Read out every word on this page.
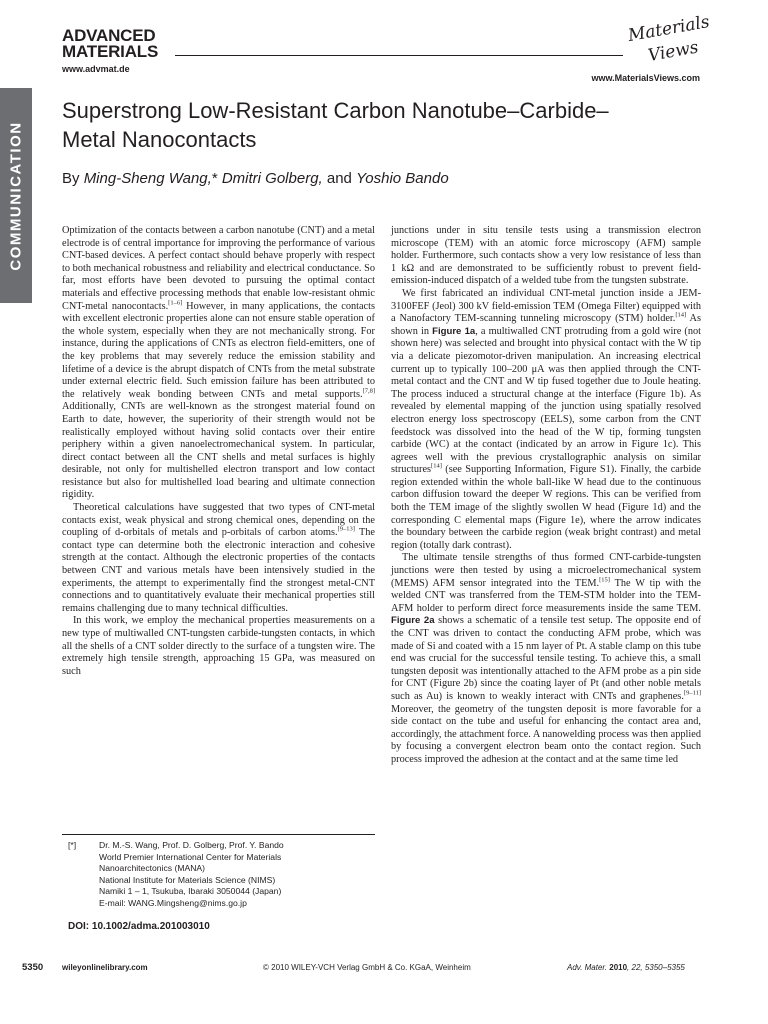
ADVANCED
MATERIALS
www.advmat.de
Materials
Views
www.MaterialsViews.com
COMMUNICATION
Superstrong Low-Resistant Carbon Nanotube–Carbide–
Metal Nanocontacts
By Ming-Sheng Wang,* Dmitri Golberg, and Yoshio Bando

Optimization of the contacts between a carbon nanotube (CNT) and a metal electrode is of central importance for improving the performance of various CNT-based devices. A perfect contact should behave properly with respect to both mechanical robustness and reliability and electrical conductance. So far, most efforts have been devoted to pursuing the optimal contact materials and effective processing methods that enable low-resistant ohmic CNT-metal nanocontacts.[1–6] However, in many applications, the contacts with excellent electronic properties alone can not ensure stable operation of the whole system, especially when they are not mechanically strong. For instance, during the applications of CNTs as electron field-emitters, one of the key problems that may severely reduce the emission stability and lifetime of a device is the abrupt dispatch of CNTs from the metal substrate under external electric field. Such emission failure has been attributed to the relatively weak bonding between CNTs and metal supports.[7,8] Additionally, CNTs are well-known as the strongest material found on Earth to date, however, the superiority of their strength would not be realistically employed without having solid contacts over their entire periphery within a given nanoelectromechanical system. In particular, direct contact between all the CNT shells and metal surfaces is highly desirable, not only for multishelled electron transport and low contact resistance but also for multishelled load bearing and ultimate connection rigidity.

Theoretical calculations have suggested that two types of CNT-metal contacts exist, weak physical and strong chemical ones, depending on the coupling of d-orbitals of metals and p-orbitals of carbon atoms.[9–13] The contact type can determine both the electronic interaction and cohesive strength at the contact. Although the electronic properties of the contacts between CNT and various metals have been intensively studied in the experiments, the attempt to experimentally find the strongest metal-CNT connections and to quantitatively evaluate their mechanical properties still remains challenging due to many technical difficulties.

In this work, we employ the mechanical properties measurements on a new type of multiwalled CNT-tungsten carbide-tungsten contacts, in which all the shells of a CNT solder directly to the surface of a tungsten wire. The extremely high tensile strength, approaching 15 GPa, was measured on such

junctions under in situ tensile tests using a transmission electron microscope (TEM) with an atomic force microscopy (AFM) sample holder. Furthermore, such contacts show a very low resistance of less than 1 kΩ and are demonstrated to be sufficiently robust to prevent field-emission-induced dispatch of a welded tube from the tungsten substrate.

We first fabricated an individual CNT-metal junction inside a JEM-3100FEF (Jeol) 300 kV field-emission TEM (Omega Filter) equipped with a Nanofactory TEM-scanning tunneling microscopy (STM) holder.[14] As shown in Figure 1a, a multiwalled CNT protruding from a gold wire (not shown here) was selected and brought into physical contact with the W tip via a delicate piezomotor-driven manipulation. An increasing electrical current up to typically 100–200 μA was then applied through the CNT-metal contact and the CNT and W tip fused together due to Joule heating. The process induced a structural change at the interface (Figure 1b). As revealed by elemental mapping of the junction using spatially resolved electron energy loss spectroscopy (EELS), some carbon from the CNT feedstock was dissolved into the head of the W tip, forming tungsten carbide (WC) at the contact (indicated by an arrow in Figure 1c). This agrees well with the previous crystallographic analysis on similar structures[14] (see Supporting Information, Figure S1). Finally, the carbide region extended within the whole ball-like W head due to the continuous carbon diffusion toward the deeper W regions. This can be verified from both the TEM image of the slightly swollen W head (Figure 1d) and the corresponding C elemental maps (Figure 1e), where the arrow indicates the boundary between the carbide region (weak bright contrast) and metal region (totally dark contrast).

The ultimate tensile strengths of thus formed CNT-carbide-tungsten junctions were then tested by using a microelectromechanical system (MEMS) AFM sensor integrated into the TEM.[15] The W tip with the welded CNT was transferred from the TEM-STM holder into the TEM-AFM holder to perform direct force measurements inside the same TEM. Figure 2a shows a schematic of a tensile test setup. The opposite end of the CNT was driven to contact the conducting AFM probe, which was made of Si and coated with a 15 nm layer of Pt. A stable clamp on this tube end was crucial for the successful tensile testing. To achieve this, a small tungsten deposit was intentionally attached to the AFM probe as a pin side for CNT (Figure 2b) since the coating layer of Pt (and other noble metals such as Au) is known to weakly interact with CNTs and graphenes.[9–11] Moreover, the geometry of the tungsten deposit is more favorable for a side contact on the tube and useful for enhancing the contact area and, accordingly, the attachment force. A nanowelding process was then applied by focusing a convergent electron beam onto the contact region. Such process improved the adhesion at the contact and at the same time led

[*]	Dr. M.-S. Wang, Prof. D. Golberg, Prof. Y. Bando
World Premier International Center for Materials
Nanoarchitectonics (MANA)
National Institute for Materials Science (NIMS)
Namiki 1 – 1, Tsukuba, Ibaraki 3050044 (Japan)
E-mail: WANG.Mingsheng@nims.go.jp
DOI: 10.1002/adma.201003010
5350 wileyonlinelibrary.com	© 2010 WILEY-VCH Verlag GmbH & Co. KGaA, Weinheim	Adv. Mater. 2010, 22, 5350–5355
